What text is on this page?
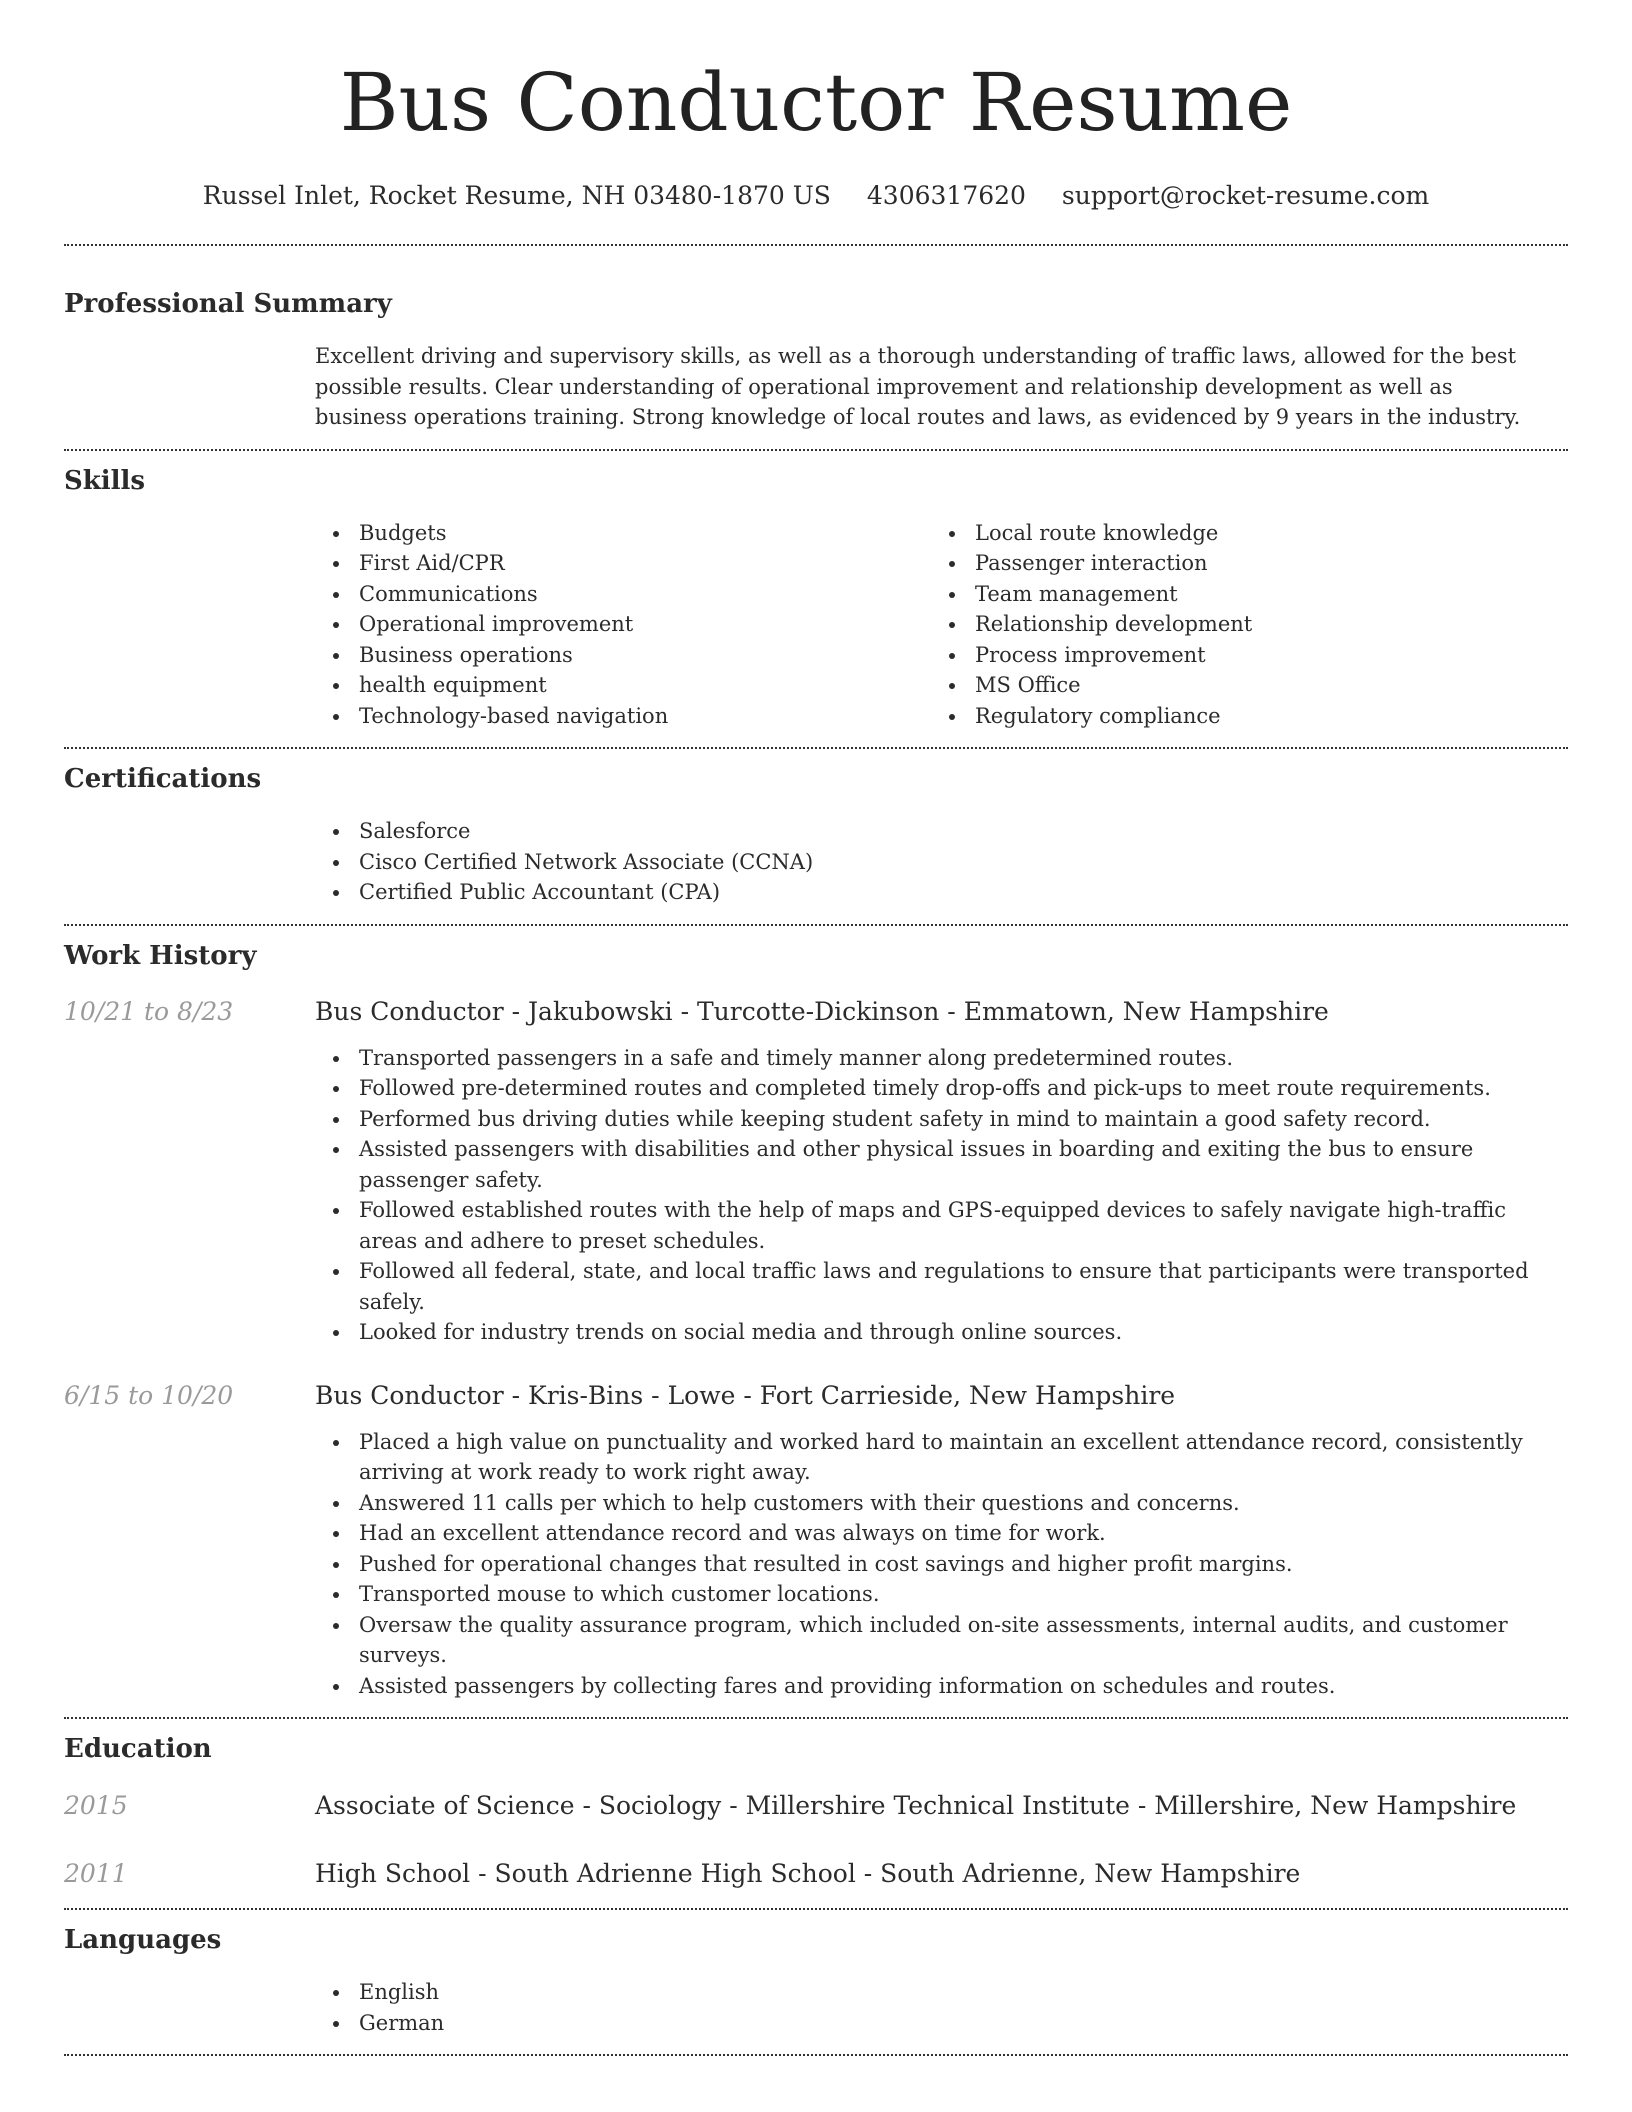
Bus Conductor Resume
Russel Inlet, Rocket Resume, NH 03480-1870 US 4306317620 support@rocket-resume.com
Professional Summary

Excellent driving and supervisory skills, as well as a thorough understanding of traffic laws, allowed for the best possible results. Clear understanding of operational improvement and relationship development as well as business operations training. Strong knowledge of local routes and laws, as evidenced by 9 years in the industry.

Skills
Budgets
First Aid/CPR
Communications
Operational improvement
Business operations
health equipment
Technology-based navigation
Local route knowledge
Passenger interaction
Team management
Relationship development
Process improvement
MS Office
Regulatory compliance
Certifications
Salesforce
Cisco Certified Network Associate (CCNA)
Certified Public Accountant (CPA)
Work History
10/21 to 8/23	Bus Conductor - Jakubowski - Turcotte-Dickinson - Emmatown, New Hampshire
Transported passengers in a safe and timely manner along predetermined routes.
Followed pre-determined routes and completed timely drop-offs and pick-ups to meet route requirements.
Performed bus driving duties while keeping student safety in mind to maintain a good safety record.
Assisted passengers with disabilities and other physical issues in boarding and exiting the bus to ensure passenger safety.
Followed established routes with the help of maps and GPS-equipped devices to safely navigate high-traffic areas and adhere to preset schedules.
Followed all federal, state, and local traffic laws and regulations to ensure that participants were transported safely.
Looked for industry trends on social media and through online sources.
6/15 to 10/20	Bus Conductor - Kris-Bins - Lowe - Fort Carrieside, New Hampshire
Placed a high value on punctuality and worked hard to maintain an excellent attendance record, consistently arriving at work ready to work right away.
Answered 11 calls per which to help customers with their questions and concerns.
Had an excellent attendance record and was always on time for work.
Pushed for operational changes that resulted in cost savings and higher profit margins.
Transported mouse to which customer locations.
Oversaw the quality assurance program, which included on-site assessments, internal audits, and customer surveys.
Assisted passengers by collecting fares and providing information on schedules and routes.
Education
2015	Associate of Science - Sociology - Millershire Technical Institute - Millershire, New Hampshire
2011	High School - South Adrienne High School - South Adrienne, New Hampshire
Languages
English
German
